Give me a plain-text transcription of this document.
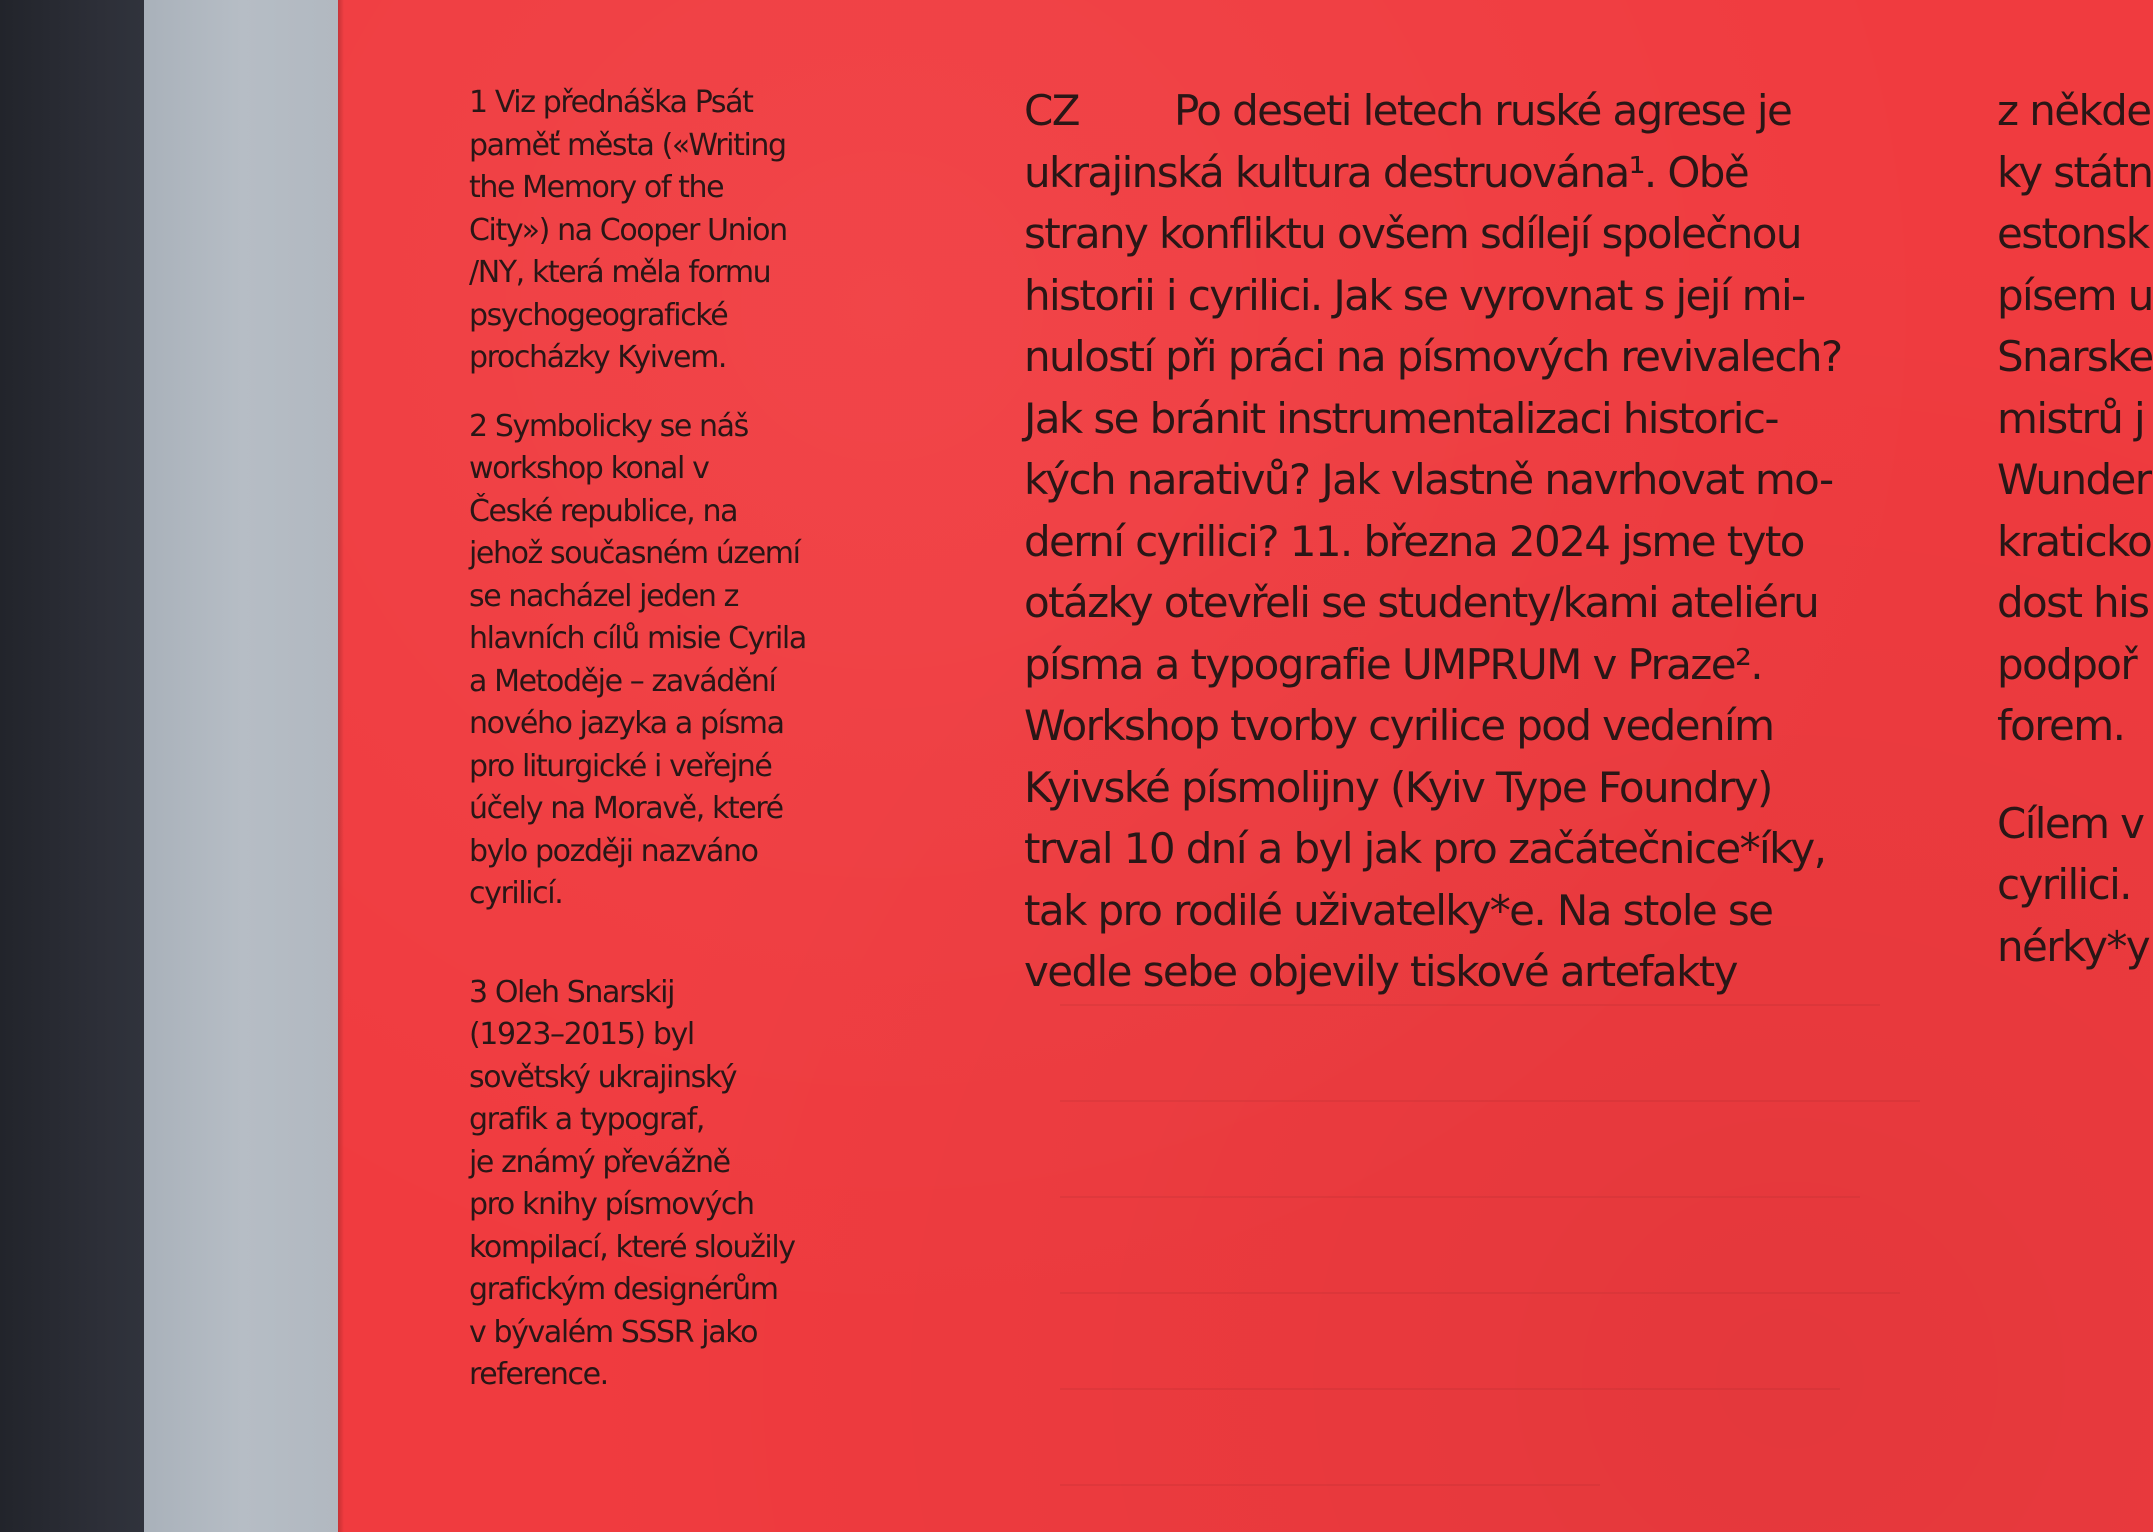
1 Viz přednáška Psát
paměť města («Writing
the Memory of the
City») na Cooper Union
/NY, která měla formu
psychogeografické
procházky Kyivem.

2 Symbolicky se náš
workshop konal v
České republice, na
jehož současném území
se nacházel jeden z
hlavních cílů misie Cyrila
a Metoděje – zavádění
nového jazyka a písma
pro liturgické i veřejné
účely na Moravě, které
bylo později nazváno
cyrilicí.

3 Oleh Snarskij
(1923–2015) byl
sovětský ukrajinský
grafik a typograf,
je známý převážně
pro knihy písmových
kompilací, které sloužily
grafickým designérům
v bývalém SSSR jako
reference.

CZ Po deseti letech ruské agrese je

ukrajinská kultura destruována¹. Obě

strany konfliktu ovšem sdílejí společnou

historii i cyrilici. Jak se vyrovnat s její mi-

nulostí při práci na písmových revivalech?

Jak se bránit instrumentalizaci historic-

kých narativů? Jak vlastně navrhovat mo-

derní cyrilici? 11. března 2024 jsme tyto

otázky otevřeli se studenty/kami ateliéru

písma a typografie UMPRUM v Praze².

Workshop tvorby cyrilice pod vedením

Kyivské písmolijny (Kyiv Type Foundry)

trval 10 dní a byl jak pro začátečnice*íky,

tak pro rodilé uživatelky*e. Na stole se

vedle sebe objevily tiskové artefakty

z někde

ky státn

estonsk

písem u

Snarske

mistrů j

Wunder

kraticko

dost his

podpoř

forem.

Cílem v

cyrilici.

nérky*y
